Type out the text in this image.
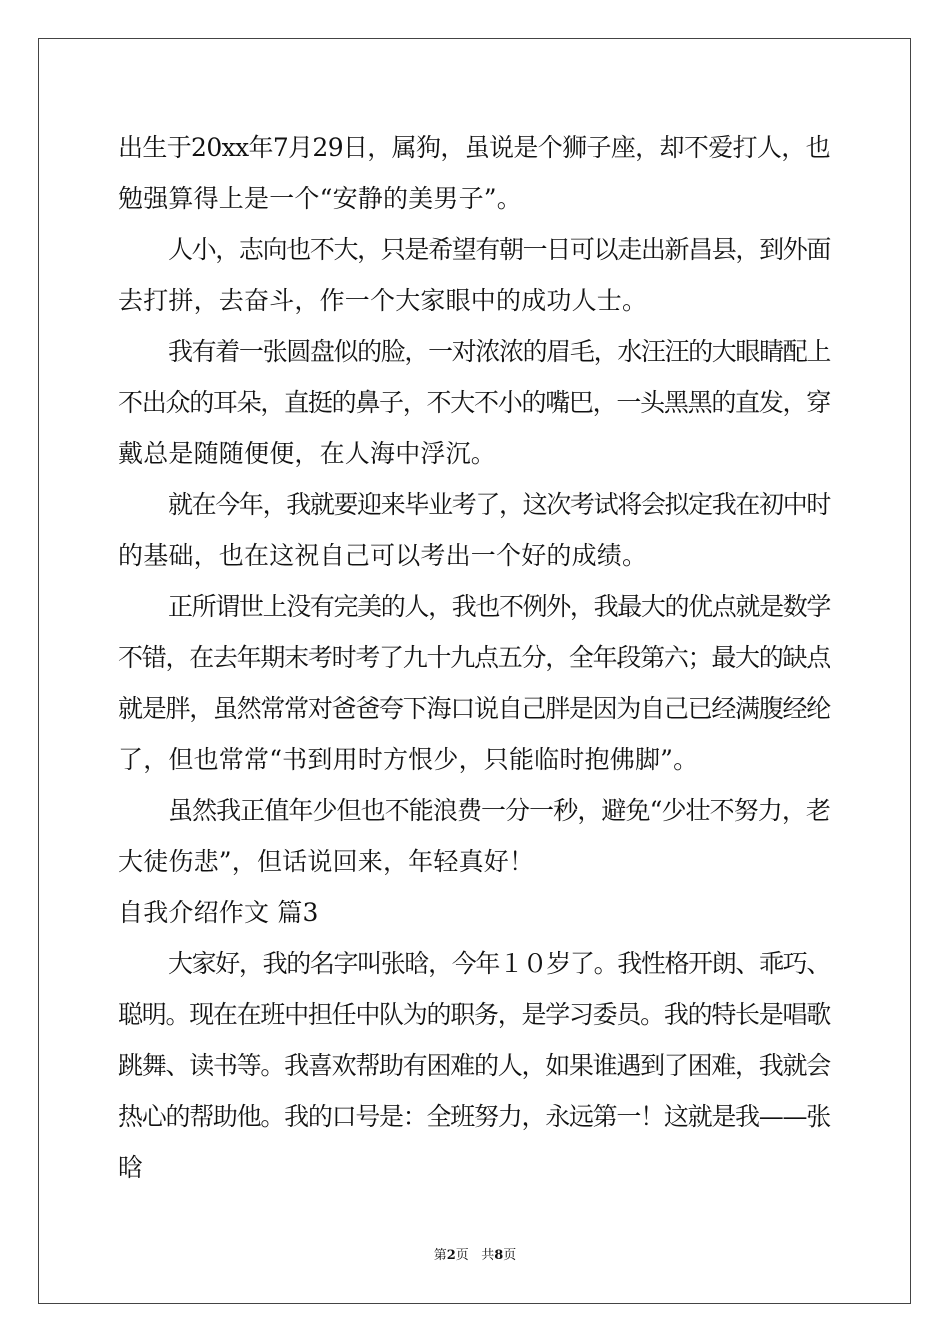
出生于20xx年7月29日，属狗，虽说是个狮子座，却不爱打人，也
勉强算得上是一个“安静的美男子”。
人小，志向也不大，只是希望有朝一日可以走出新昌县，到外面
去打拼，去奋斗，作一个大家眼中的成功人士。
我有着一张圆盘似的脸，一对浓浓的眉毛，水汪汪的大眼睛配上
不出众的耳朵，直挺的鼻子，不大不小的嘴巴，一头黑黑的直发，穿
戴总是随随便便，在人海中浮沉。
就在今年，我就要迎来毕业考了，这次考试将会拟定我在初中时
的基础，也在这祝自己可以考出一个好的成绩。
正所谓世上没有完美的人，我也不例外，我最大的优点就是数学
不错，在去年期末考时考了九十九点五分，全年段第六；最大的缺点
就是胖，虽然常常对爸爸夸下海口说自己胖是因为自己已经满腹经纶
了，但也常常“书到用时方恨少，只能临时抱佛脚”。
虽然我正值年少但也不能浪费一分一秒，避免“少壮不努力，老
大徒伤悲”，但话说回来，年轻真好！
自我介绍作文 篇3
大家好，我的名字叫张晗，今年１０岁了。我性格开朗、乖巧、
聪明。现在在班中担任中队为的职务，是学习委员。我的特长是唱歌
跳舞、读书等。我喜欢帮助有困难的人，如果谁遇到了困难，我就会
热心的帮助他。我的口号是：全班努力，永远第一！这就是我——张
晗
第2页 共8页
